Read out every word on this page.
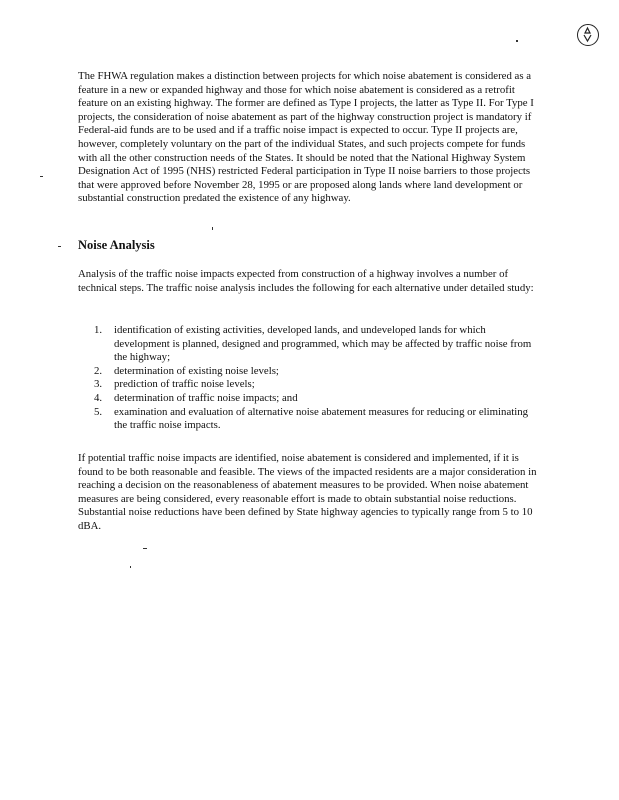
The FHWA regulation makes a distinction between projects for which noise abatement is considered as a feature in a new or expanded highway and those for which noise abatement is considered as a retrofit feature on an existing highway. The former are defined as Type I projects, the latter as Type II. For Type I projects, the consideration of noise abatement as part of the highway construction project is mandatory if Federal-aid funds are to be used and if a traffic noise impact is expected to occur. Type II projects are, however, completely voluntary on the part of the individual States, and such projects compete for funds with all the other construction needs of the States. It should be noted that the National Highway System Designation Act of 1995 (NHS) restricted Federal participation in Type II noise barriers to those projects that were approved before November 28, 1995 or are proposed along lands where land development or substantial construction predated the existence of any highway.

Noise Analysis

Analysis of the traffic noise impacts expected from construction of a highway involves a number of technical steps. The traffic noise analysis includes the following for each alternative under detailed study:

1. identification of existing activities, developed lands, and undeveloped lands for which development is planned, designed and programmed, which may be affected by traffic noise from the highway;
2. determination of existing noise levels;
3. prediction of traffic noise levels;
4. determination of traffic noise impacts; and
5. examination and evaluation of alternative noise abatement measures for reducing or eliminating the traffic noise impacts.

If potential traffic noise impacts are identified, noise abatement is considered and implemented, if it is found to be both reasonable and feasible. The views of the impacted residents are a major consideration in reaching a decision on the reasonableness of abatement measures to be provided. When noise abatement measures are being considered, every reasonable effort is made to obtain substantial noise reductions. Substantial noise reductions have been defined by State highway agencies to typically range from 5 to 10 dBA.
